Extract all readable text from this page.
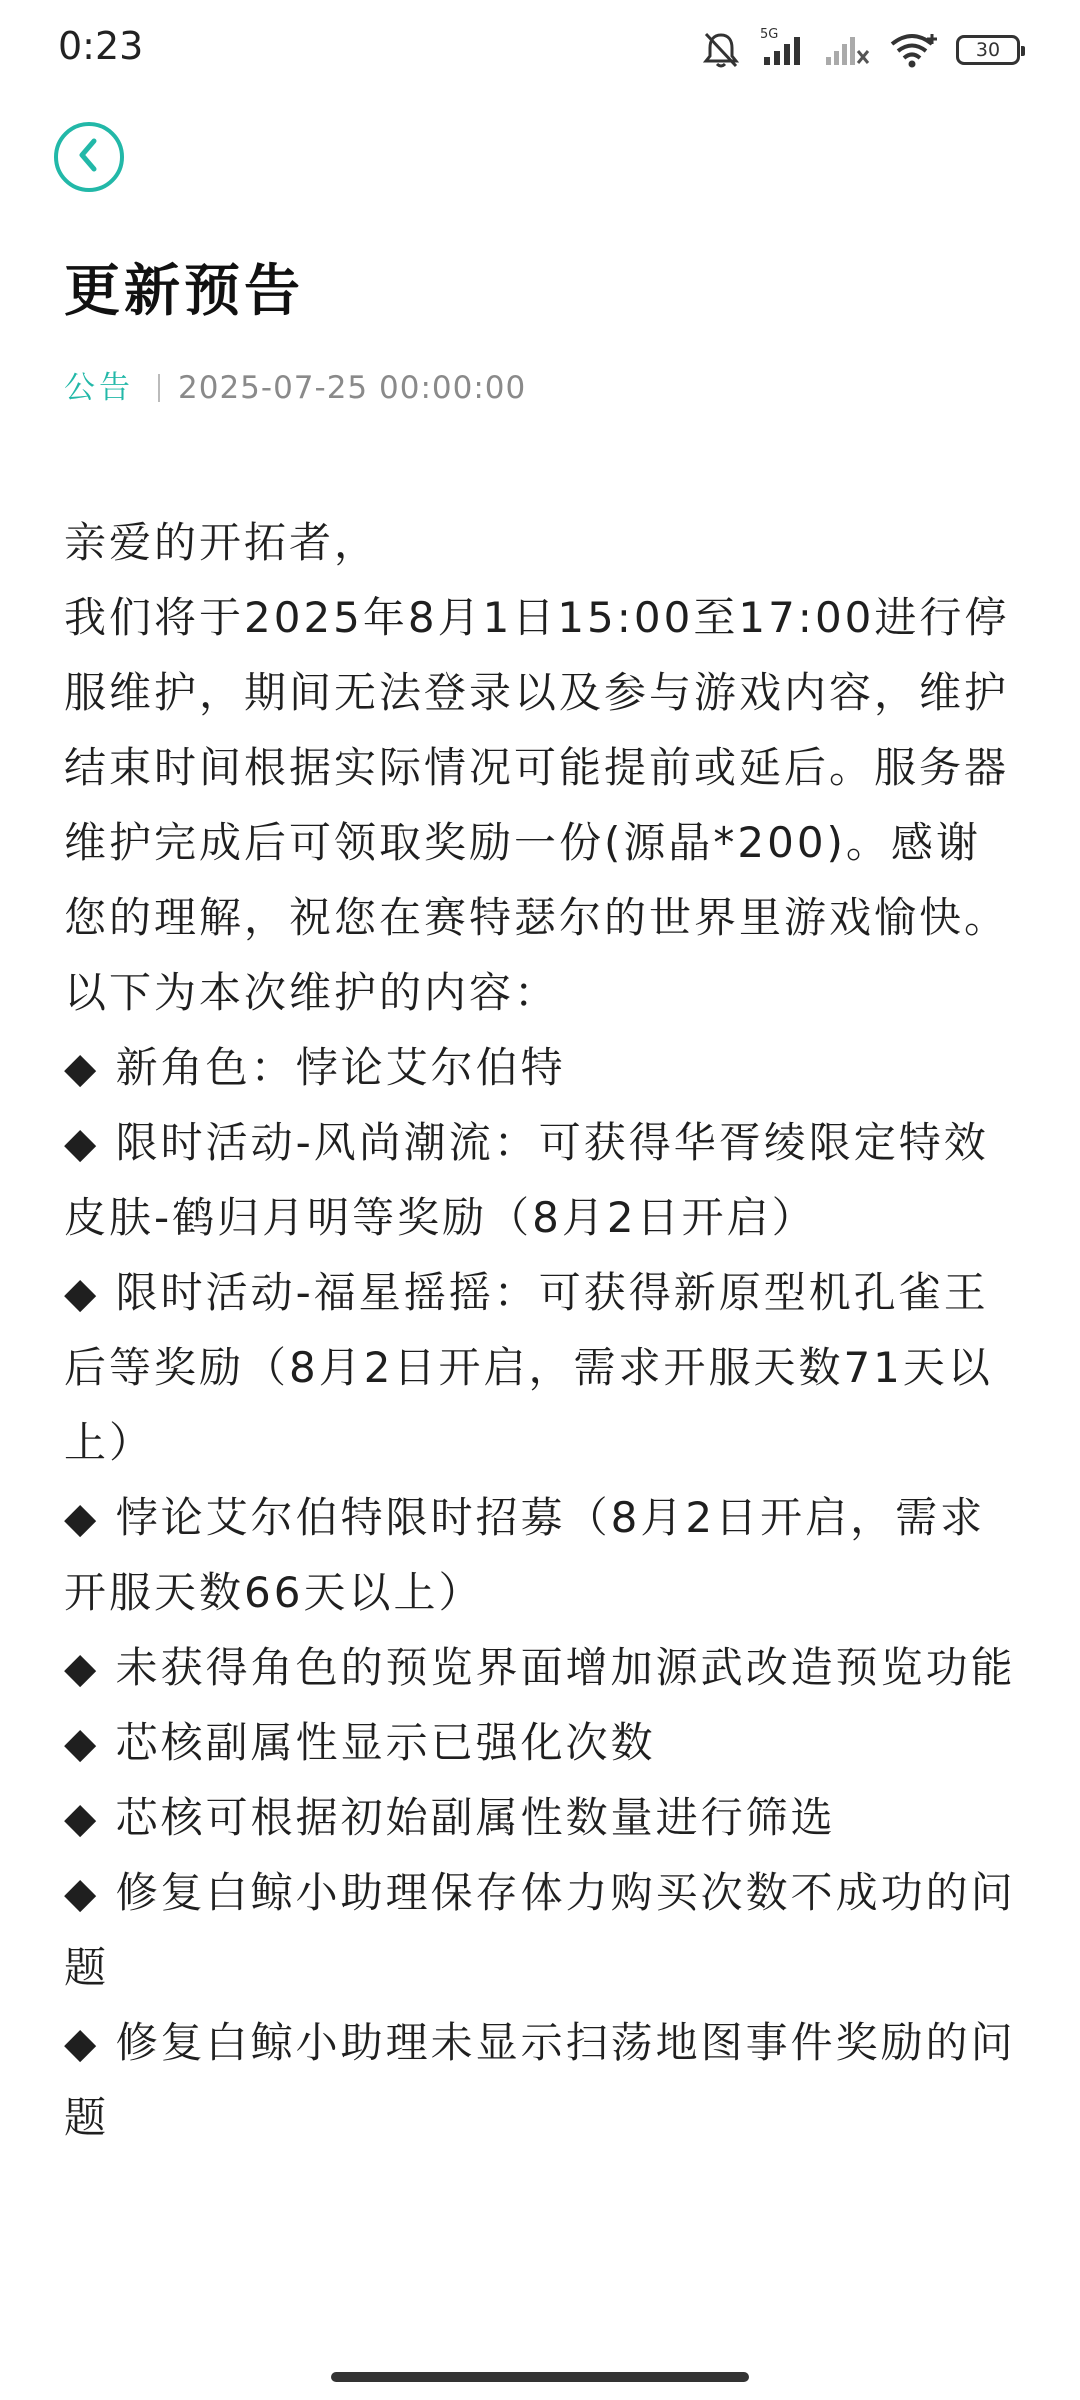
0:23	5G
30
更新预告
公告 2025-07-25 00:00:00

亲爱的开拓者，

我们将于2025年8月1日15:00至17:00进行停服维护，期间无法登录以及参与游戏内容，维护结束时间根据实际情况可能提前或延后。服务器维护完成后可领取奖励一份(源晶*200)。感谢您的理解，祝您在赛特瑟尔的世界里游戏愉快。

以下为本次维护的内容：

◆ 新角色：悖论艾尔伯特

◆ 限时活动-风尚潮流：可获得华胥绫限定特效皮肤-鹤归月明等奖励（8月2日开启）

◆ 限时活动-福星摇摇：可获得新原型机孔雀王后等奖励（8月2日开启，需求开服天数71天以上）

◆ 悖论艾尔伯特限时招募（8月2日开启，需求开服天数66天以上）

◆ 未获得角色的预览界面增加源武改造预览功能

◆ 芯核副属性显示已强化次数

◆ 芯核可根据初始副属性数量进行筛选

◆ 修复白鲸小助理保存体力购买次数不成功的问题

◆ 修复白鲸小助理未显示扫荡地图事件奖励的问题
